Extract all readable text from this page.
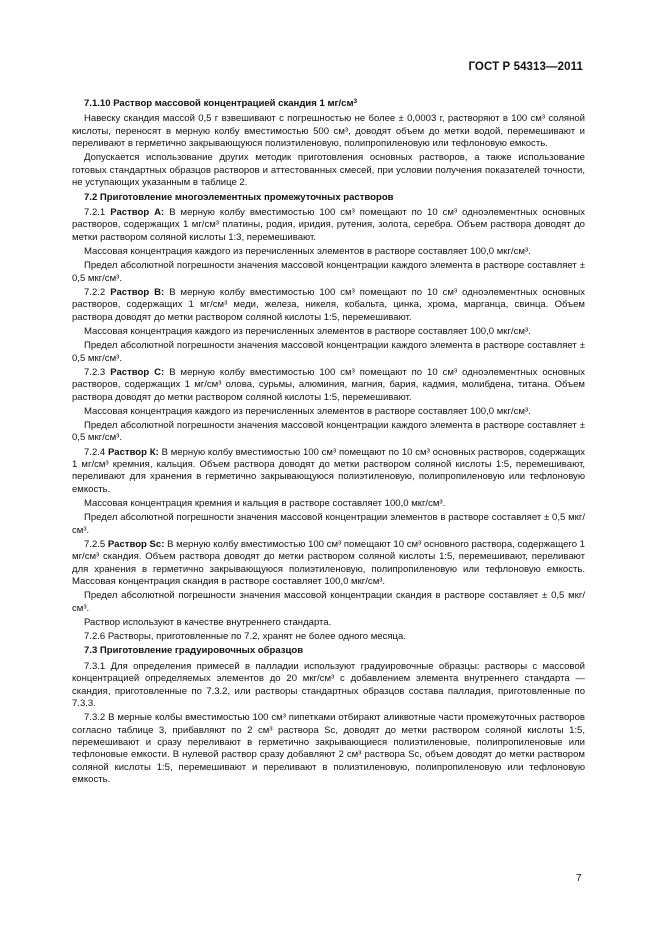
ГОСТ Р 54313—2011

7.1.10 Раствор массовой концентрацией скандия 1 $мг/см^3$

Навеску скандия массой 0,5 г взвешивают с погрешностью не более ± 0,0003 г, растворяют в 100 см³ соляной кислоты, переносят в мерную колбу вместимостью 500 см³, доводят объем до метки водой, перемешивают и переливают в герметично закрывающуюся полиэтиленовую, полипропиленовую или тефлоновую емкость.

Допускается использование других методик приготовления основных растворов, а также использование готовых стандартных образцов растворов и аттестованных смесей, при условии получения показателей точности, не уступающих указанным в таблице 2.

7.2 Приготовление многоэлементных промежуточных растворов

7.2.1 Раствор А: В мерную колбу вместимостью 100 см³ помещают по 10 см³ одноэлементных основных растворов, содержащих 1 мг/см³ платины, родия, иридия, рутения, золота, серебра. Объем раствора доводят до метки раствором соляной кислоты 1:3, перемешивают.

Массовая концентрация каждого из перечисленных элементов в растворе составляет 100,0 мкг/см³.

Предел абсолютной погрешности значения массовой концентрации каждого элемента в растворе составляет ± 0,5 мкг/см³.

7.2.2 Раствор В: В мерную колбу вместимостью 100 см³ помещают по 10 см³ одноэлементных основных растворов, содержащих 1 мг/см³ меди, железа, никеля, кобальта, цинка, хрома, марганца, свинца. Объем раствора доводят до метки раствором соляной кислоты 1:5, перемешивают.

Массовая концентрация каждого из перечисленных элементов в растворе составляет 100,0 мкг/см³.

Предел абсолютной погрешности значения массовой концентрации каждого элемента в растворе составляет ± 0,5 мкг/см³.

7.2.3 Раствор С: В мерную колбу вместимостью 100 см³ помещают по 10 см³ одноэлементных основных растворов, содержащих 1 мг/см³ олова, сурьмы, алюминия, магния, бария, кадмия, молибдена, титана. Объем раствора доводят до метки раствором соляной кислоты 1:5, перемешивают.

Массовая концентрация каждого из перечисленных элементов в растворе составляет 100,0 мкг/см³.

Предел абсолютной погрешности значения массовой концентрации каждого элемента в растворе составляет ± 0,5 мкг/см³.

7.2.4 Раствор К: В мерную колбу вместимостью 100 см³ помещают по 10 см³ основных растворов, содержащих 1 мг/см³ кремния, кальция. Объем раствора доводят до метки раствором соляной кислоты 1:5, перемешивают, переливают для хранения в герметично закрывающуюся полиэтиленовую, полипропиленовую или тефлоновую емкость.

Массовая концентрация кремния и кальция в растворе составляет 100,0 мкг/см³.

Предел абсолютной погрешности значения массовой концентрации элементов в растворе составляет ± 0,5 мкг/см³.

7.2.5 Раствор Sc: В мерную колбу вместимостью 100 см³ помещают 10 см³ основного раствора, содержащего 1 мг/см³ скандия. Объем раствора доводят до метки раствором соляной кислоты 1:5, перемешивают, переливают для хранения в герметично закрывающуюся полиэтиленовую, полипропиленовую или тефлоновую емкость. Массовая концентрация скандия в растворе составляет 100,0 мкг/см³.

Предел абсолютной погрешности значения массовой концентрации скандия в растворе составляет ± 0,5 мкг/см³.

Раствор используют в качестве внутреннего стандарта.

7.2.6 Растворы, приготовленные по 7.2, хранят не более одного месяца.

7.3 Приготовление градуировочных образцов

7.3.1 Для определения примесей в палладии используют градуировочные образцы: растворы с массовой концентрацией определяемых элементов до 20 мкг/см³ с добавлением элемента внутреннего стандарта — скандия, приготовленные по 7.3.2, или растворы стандартных образцов состава палладия, приготовленные по 7.3.3.

7.3.2 В мерные колбы вместимостью 100 см³ пипетками отбирают аликвотные части промежуточных растворов согласно таблице 3, прибавляют по 2 см³ раствора Sc, доводят до метки раствором соляной кислоты 1:5, перемешивают и сразу переливают в герметично закрывающиеся полиэтиленовые, полипропиленовые или тефлоновые емкости. В нулевой раствор сразу добавляют 2 см³ раствора Sc, объем доводят до метки раствором соляной кислоты 1:5, перемешивают и переливают в полиэтиленовую, полипропиленовую или тефлоновую емкость.

7
